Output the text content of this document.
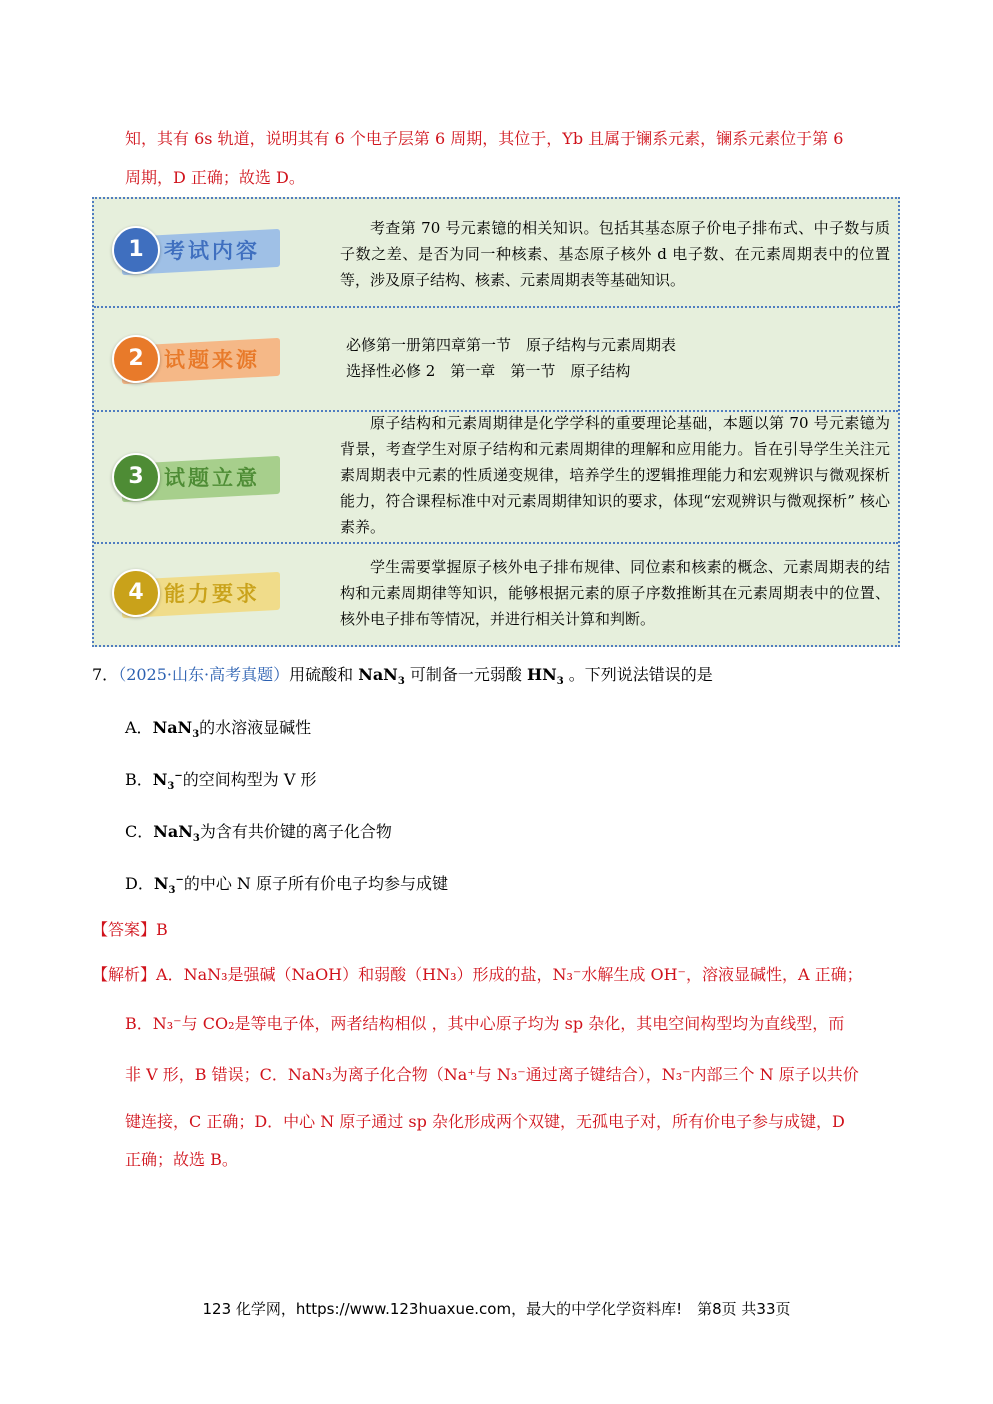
知，其有 6s 轨道，说明其有 6 个电子层第 6 周期，其位于，Yb 且属于镧系元素，镧系元素位于第 6
周期，D 正确；故选 D。
1 考试内容
考查第 70 号元素镱的相关知识。包括其基态原子价电子排布式、中子数与质子数之差、是否为同一种核素、基态原子核外 d 电子数、在元素周期表中的位置等，涉及原子结构、核素、元素周期表等基础知识。
2 试题来源
必修第一册第四章第一节　原子结构与元素周期表
选择性必修 2　第一章　第一节　原子结构
3 试题立意
原子结构和元素周期律是化学学科的重要理论基础，本题以第 70 号元素镱为背景，考查学生对原子结构和元素周期律的理解和应用能力。旨在引导学生关注元素周期表中元素的性质递变规律，培养学生的逻辑推理能力和宏观辨识与微观探析能力，符合课程标准中对元素周期律知识的要求，体现“宏观辨识与微观探析” 核心素养。
4 能力要求
学生需要掌握原子核外电子排布规律、同位素和核素的概念、元素周期表的结构和元素周期律等知识，能够根据元素的原子序数推断其在元素周期表中的位置、核外电子排布等情况，并进行相关计算和判断。
7．（2025·山东·高考真题）用硫酸和 NaN$_3$ 可制备一元弱酸 $HN_3$ 。下列说法错误的是
A．NaN$_3$的水溶液显碱性
B．$N_3^-$的空间构型为 V 形
C．NaN$_3$为含有共价键的离子化合物
D．$N_3^-$的中心 N 原子所有价电子均参与成键
【答案】B
【解析】A．NaN₃是强碱（NaOH）和弱酸（HN₃）形成的盐，N₃⁻水解生成 OH⁻，溶液显碱性，A 正确；
B．N₃⁻与 CO₂是等电子体，两者结构相似 ，其中心原子均为 sp 杂化，其电空间构型均为直线型，而
非 V 形，B 错误；C．NaN₃为离子化合物（Na⁺与 N₃⁻通过离子键结合），N₃⁻内部三个 N 原子以共价
键连接，C 正确；D．中心 N 原子通过 sp 杂化形成两个双键，无孤电子对，所有价电子参与成键，D
正确；故选 B。
123 化学网，https://www.123huaxue.com，最大的中学化学资料库!　第8页 共33页
